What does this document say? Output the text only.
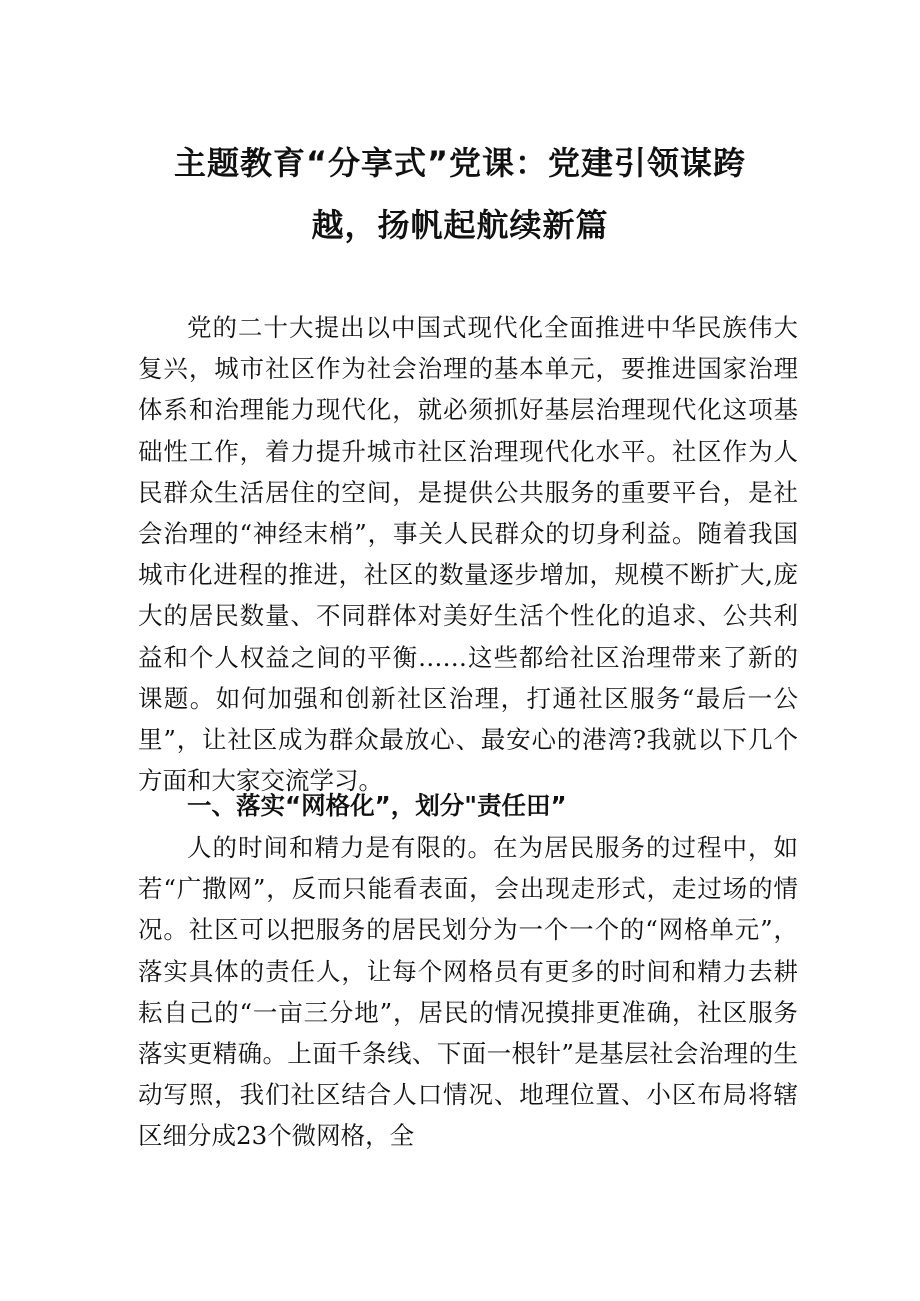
主题教育“分享式”党课：党建引领谋跨
越，扬帆起航续新篇

党的二十大提出以中国式现代化全面推进中华民族伟大复兴，城市社区作为社会治理的基本单元，要推进国家治理体系和治理能力现代化，就必须抓好基层治理现代化这项基础性工作，着力提升城市社区治理现代化水平。社区作为人民群众生活居住的空间，是提供公共服务的重要平台，是社会治理的“神经末梢”，事关人民群众的切身利益。随着我国城市化进程的推进，社区的数量逐步增加，规模不断扩大,庞大的居民数量、不同群体对美好生活个性化的追求、公共利益和个人权益之间的平衡……这些都给社区治理带来了新的课题。如何加强和创新社区治理，打通社区服务“最后一公里”，让社区成为群众最放心、最安心的港湾?我就以下几个方面和大家交流学习。

一、落实“网格化”，划分"责任田”

人的时间和精力是有限的。在为居民服务的过程中，如若“广撒网”，反而只能看表面，会出现走形式，走过场的情况。社区可以把服务的居民划分为一个一个的“网格单元”，落实具体的责任人，让每个网格员有更多的时间和精力去耕耘自己的“一亩三分地”，居民的情况摸排更准确，社区服务落实更精确。上面千条线、下面一根针”是基层社会治理的生动写照，我们社区结合人口情况、地理位置、小区布局将辖区细分成23个微网格，全
